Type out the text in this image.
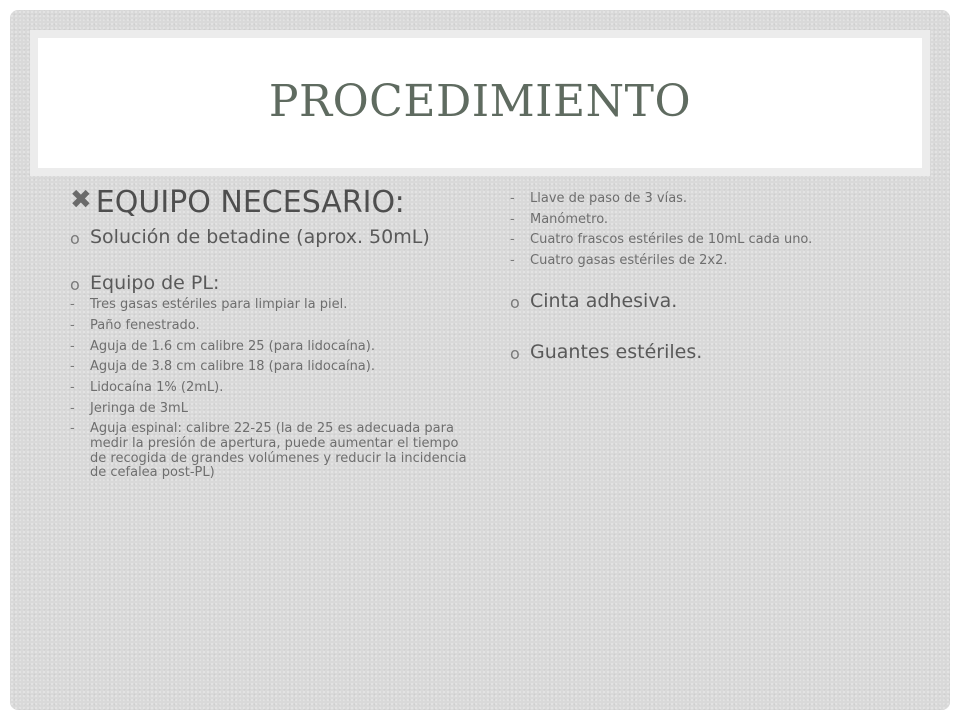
PROCEDIMIENTO
✖ EQUIPO NECESARIO:
o Solución de betadine (aprox. 50mL)
o Equipo de PL:
-	Tres gasas estériles para limpiar la piel.
-	Paño fenestrado.
-	Aguja de 1.6 cm calibre 25 (para lidocaína).
-	Aguja de 3.8 cm calibre 18 (para lidocaína).
-	Lidocaína 1% (2mL).
-	Jeringa de 3mL
-	Aguja espinal: calibre 22-25 (la de 25 es adecuada para medir la presión de apertura, puede aumentar el tiempo de recogida de grandes volúmenes y reducir la incidencia de cefalea post-PL)
-	Llave de paso de 3 vías.
-	Manómetro.
-	Cuatro frascos estériles de 10mL cada uno.
-	Cuatro gasas estériles de 2x2.
o Cinta adhesiva.
o Guantes estériles.
